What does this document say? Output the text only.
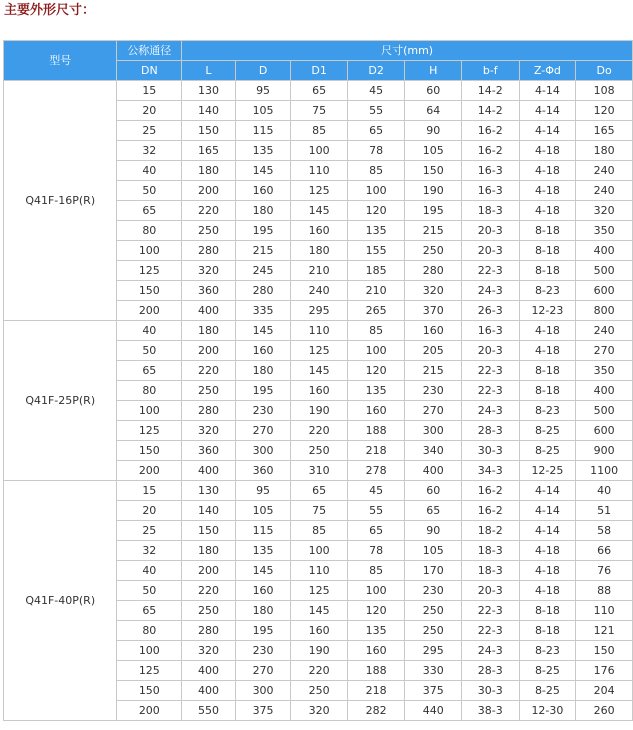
主要外形尺寸：
型号	公称通径	尺寸(mm)							
	DN	L	D	D1	D2	H	b-f	Z-Φd	Do
Q41F-16P(R)	15	130	95	65	45	60	14-2	4-14	108
	20	140	105	75	55	64	14-2	4-14	120
	25	150	115	85	65	90	16-2	4-14	165
	32	165	135	100	78	105	16-2	4-18	180
	40	180	145	110	85	150	16-3	4-18	240
	50	200	160	125	100	190	16-3	4-18	240
	65	220	180	145	120	195	18-3	4-18	320
	80	250	195	160	135	215	20-3	8-18	350
	100	280	215	180	155	250	20-3	8-18	400
	125	320	245	210	185	280	22-3	8-18	500
	150	360	280	240	210	320	24-3	8-23	600
	200	400	335	295	265	370	26-3	12-23	800
Q41F-25P(R)	40	180	145	110	85	160	16-3	4-18	240
	50	200	160	125	100	205	20-3	4-18	270
	65	220	180	145	120	215	22-3	8-18	350
	80	250	195	160	135	230	22-3	8-18	400
	100	280	230	190	160	270	24-3	8-23	500
	125	320	270	220	188	300	28-3	8-25	600
	150	360	300	250	218	340	30-3	8-25	900
	200	400	360	310	278	400	34-3	12-25	1100
Q41F-40P(R)	15	130	95	65	45	60	16-2	4-14	40
	20	140	105	75	55	65	16-2	4-14	51
	25	150	115	85	65	90	18-2	4-14	58
	32	180	135	100	78	105	18-3	4-18	66
	40	200	145	110	85	170	18-3	4-18	76
	50	220	160	125	100	230	20-3	4-18	88
	65	250	180	145	120	250	22-3	8-18	110
	80	280	195	160	135	250	22-3	8-18	121
	100	320	230	190	160	295	24-3	8-23	150
	125	400	270	220	188	330	28-3	8-25	176
	150	400	300	250	218	375	30-3	8-25	204
	200	550	375	320	282	440	38-3	12-30	260
